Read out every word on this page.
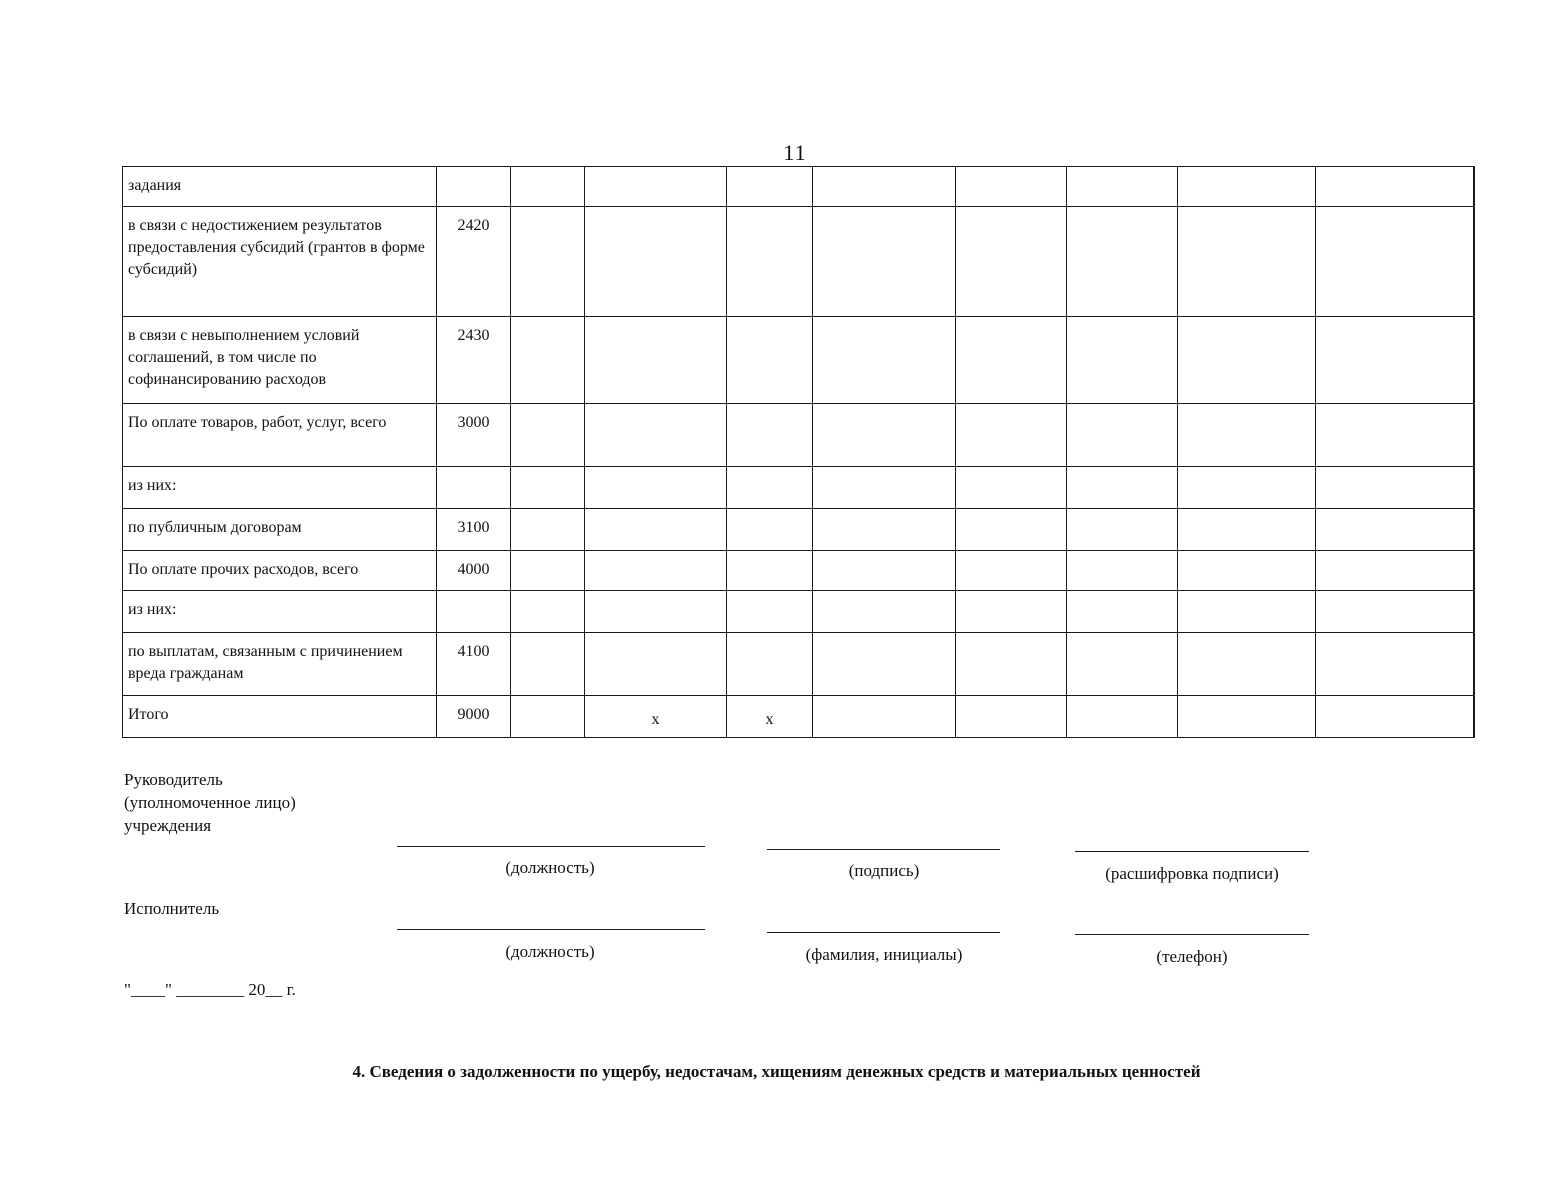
11
задания										
в связи с недостижением результатов предоставления субсидий (грантов в форме субсидий)	2420									
в связи с невыполнением условий соглашений, в том числе по софинансированию расходов	2430									
По оплате товаров, работ, услуг, всего	3000									
из них:										
по публичным договорам	3100									
По оплате прочих расходов, всего	4000									
из них:										
по выплатам, связанным с причинением вреда гражданам	4100									
Итого	9000		х	х						
Руководитель
(уполномоченное лицо)
учреждения
(должность)	(подпись)	(расшифровка подписи)
Исполнитель
(должность)	(фамилия, инициалы)	(телефон)
"____" ________ 20__ г.
4. Сведения о задолженности по ущербу, недостачам, хищениям денежных средств и материальных ценностей
